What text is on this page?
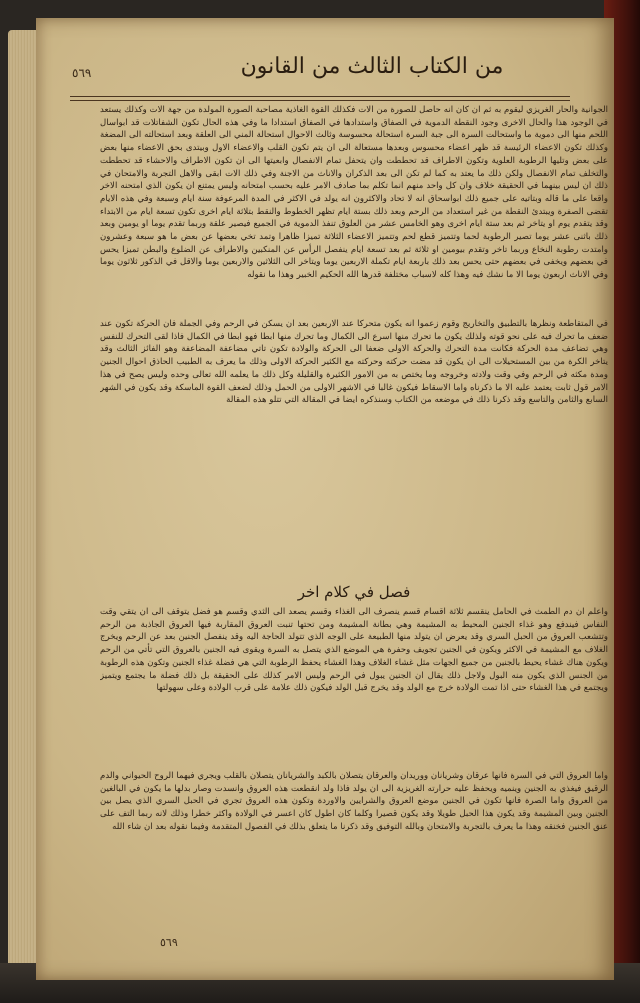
٥٦٩	من الكتاب الثالث من القانون

الجوانية والحار الغريزي ليقوم به ثم ان كان انه حاصل للصورة من الات فكذلك القوة الغاذية مصاحبة الصورة المولدة من جهة الات وكذلك يستعد في الوجود هذا والحال الاخرى وجود النقطة الدموية في الصفاق واستدادها في الصفاق استدادا ما وفي هذه الحال تكون الشفاتلات قد ابواسال اللحم منها الى دموية ما واستحالت السرة الى جبة السرة استحالة محسوسة وثالث الاحوال استحالة المني الى العلقة وبعد استحالته الى المضغة وكذلك تكون الاعضاء الرئيسة قد ظهر اعضاء محسوس وبعدها مستعالة الى ان يتم تكون القلب والاعضاء الاول وبيتدى بحق الاعضاء منها بعض على بعض وتليها الرطوبة العلوية وتكون الاطراف قد تحططت وان يتحفل تمام الانفصال وابعيتها الى ان تكون الاطراف والاحشاء قد تحططت والتخلف تمام الانفصال ولكن ذلك ما يعتد به كما لم تكن الى بعد الذكران والاناث من الاجنة وفي ذلك الات ابقى والاهل التجربة والامتحان في ذلك ان ليس بينهما في الحقيقة خلاف وان كل واحد منهم انما تكلم بما صادف الامر عليه بحسب امتحانه وليس يمتنع ان يكون الذي امتحنه الاخر واقعا على ما قاله وبتاتيه على جميع ذلك ابواسحاق انه لا تحاد والاكثرون انه يولد في الاكثر في المدة المرعوفة سنة ايام وسبعة وفي هذه الايام تقضى الصفرة ويبتدئ النقطة من غير استعداد من الرحم وبعد ذلك بستة ايام تظهر الخطوط والنقط بتلاثة ايام اخرى تكون تسعة ايام من الابتداء وقد يتقدم يوم او يتاخر ثم بعد ستة ايام اخرى وهو الخامس عشر من العلوق تنفذ الدموية في الجميع فيصير علقة وربما تقدم يوما او يومين وبعد ذلك باثنى عشر يوما تصير الرطوبة لحما وتتميز قطع لحم وتتميز الاعضاء الثلاثة تميزا ظاهرا وتمد تخي بعضها عن بعض ما هو سبعة وعشرون وامتدت رطوبة النخاع وربما تاخر وتقدم بيومين او ثلاثة ثم بعد تسعة ايام ينفصل الرأس عن المنكبين والاطراف عن الضلوع والبطن تميزا يحس في بعضهم ويخفى في بعضهم حتى يحس بعد ذلك باربعة ايام تكملة الاربعين يوما ويتاخر الى الثلاثين والاربعين يوما والاقل في الذكور ثلاثون يوما وفي الاناث اربعون يوما الا ما نشك فيه وهذا كله لاسباب مختلفة قدرها الله الحكيم الخبير وهذا ما نقوله

في المتقاطعة ونظرها بالتطبيق والتخاريج وقوم زعموا انه يكون متحركا عند الاربعين بعد ان يسكن في الرحم وفي الجملة فان الحركة تكون عند ضعف ما تحرك فيه على نحو قوته ولذلك يكون ما تحرك منها اسرع الى الكمال وما تحرك منها ابطا فهو ابطا في الكمال فاذا لقى التحرك للنفس وهي تضاعف مدة الحركة فكانت مدة التحرك والحركة الاولى ضعفا الى الحركة والولادة تكون تاتي مضاعفة المضاعفة وهو الفائز الثالث وقد يتاخر الكرة من بين المستحيلات الى ان يكون قد مضت حركته وحركته مع الكثير الحركة الاولى وذلك ما يعرف به الطبيب الحاذق احوال الجنين ومدة مكثه في الرحم وفي وقت ولادته وخروجه وما يختص به من الامور الكثيرة والقليلة وكل ذلك ما يعلمه الله تعالى وحده وليس يصح في هذا الامر قول ثابت يعتمد عليه الا ما ذكرناه واما الاسقاط فيكون غالبا في الاشهر الاولى من الحمل وذلك لضعف القوة الماسكة وقد يكون في الشهر السابع والثامن والتاسع وقد ذكرنا ذلك في موضعه من الكتاب وسنذكره ايضا في المقالة التي تتلو هذه المقالة

فصل في كلام اخر

واعلم ان دم الطمث في الحامل ينقسم ثلاثة اقسام قسم ينصرف الى الغذاء وقسم يصعد الى الثدي وقسم هو فضل يتوقف الى ان يتقي وقت النفاس فيندفع وهو غذاء الجنين المحيط به المشيمة وهي بطانة المشيمة ومن تحتها تنبت العروق المقاربة فيها العروق الجاذبة من الرحم وتتشعب العروق من الحبل السري وقد يعرض ان يتولد منها الطبيعة على الوجه الذي تتولد الحاجة اليه وقد ينفصل الجنين بعد عن الرحم ويخرج الغلاف مع المشيمة في الاكثر ويكون في الجنين تجويف وحفرة هي الموضع الذي يتصل به السرة ويقوى فيه الجنين بالعروق التي تأتي من الرحم ويكون هناك غشاء يحيط بالجنين من جميع الجهات مثل غشاء الغلاف وهذا الغشاء يحفظ الرطوبة التي هي فضلة غذاء الجنين وتكون هذه الرطوبة من الجنس الذي يكون منه البول ولاجل ذلك يقال ان الجنين يبول في الرحم وليس الامر كذلك على الحقيقة بل ذلك فضلة ما يجتمع ويتميز ويجتمع في هذا الغشاء حتى اذا تمت الولادة خرج مع الولد وقد يخرج قبل الولد فيكون ذلك علامة على قرب الولادة وعلى سهولتها

واما العروق التي في السرة فانها عرقان وشريانان ووريدان والعرقان يتصلان بالكبد والشريانان يتصلان بالقلب ويجري فيهما الروح الحيواني والدم الرقيق فيغذي به الجنين وينميه ويحفظ عليه حرارته الغريزية الى ان يولد فاذا ولد انقطعت هذه العروق وانسدت وصار بدلها ما يكون في البالغين من العروق واما الصرة فانها تكون في الجنين موضع العروق والشرايين والاوردة وتكون هذه العروق تجري في الحبل السري الذي يصل بين الجنين وبين المشيمة وقد يكون هذا الحبل طويلا وقد يكون قصيرا وكلما كان اطول كان اعسر في الولادة واكثر خطرا وذلك لانه ربما التف على عنق الجنين فخنقه وهذا ما يعرف بالتجربة والامتحان وبالله التوفيق وقد ذكرنا ما يتعلق بذلك في الفصول المتقدمة وفيما نقوله بعد ان شاء الله

٥٦٩
